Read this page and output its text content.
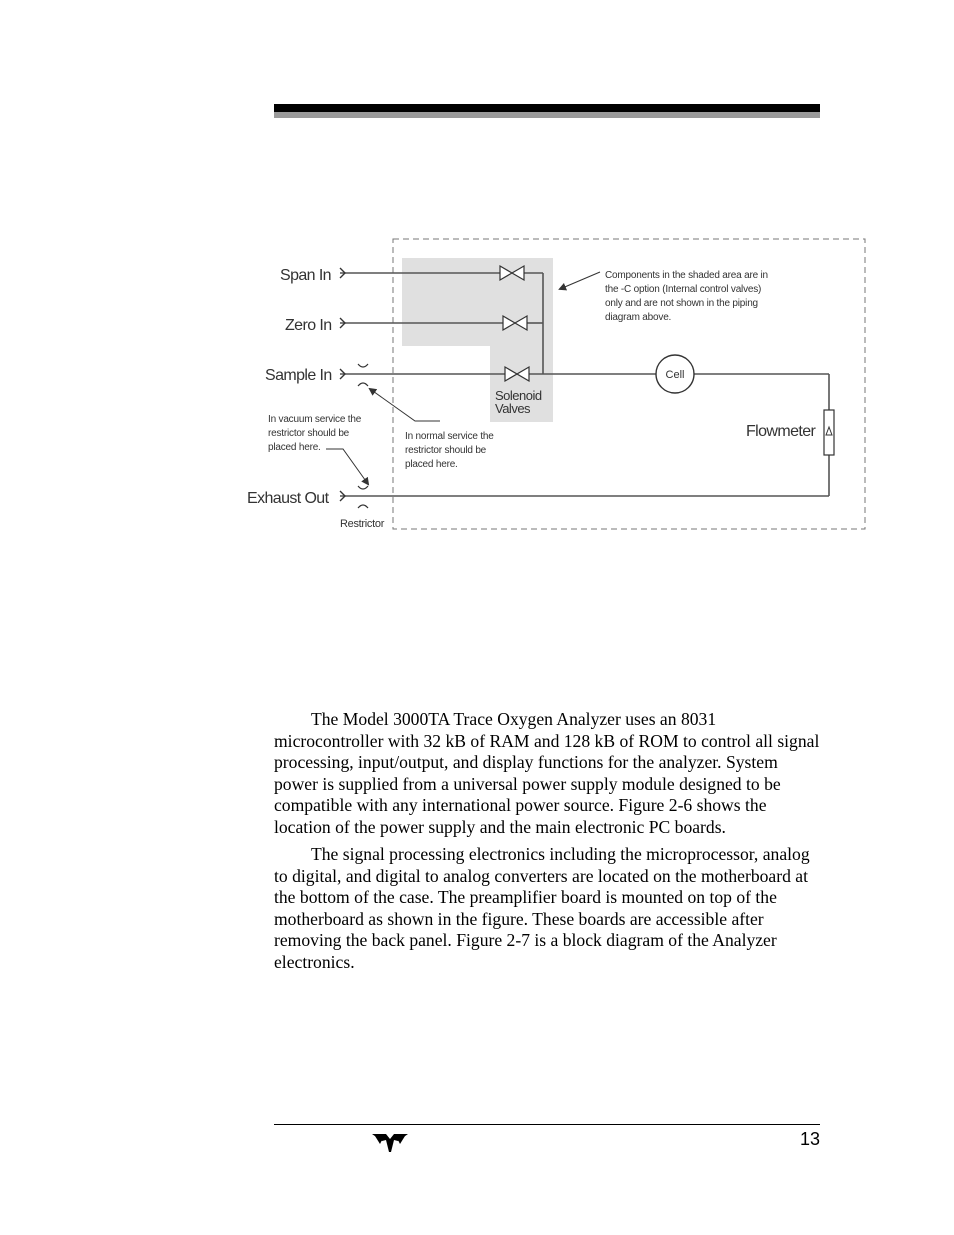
Cell
Flowmeter
Span In
Zero In
Sample In
Exhaust Out
Solenoid
Valves
Restrictor
Components in the shaded area are in
the -C option (Internal control valves)
only and are not shown in the piping
diagram above.
In vacuum service the
restrictor should be
placed here.
In normal service the
restrictor should be
placed here.

The Model 3000TA Trace Oxygen Analyzer uses an 8031 microcontroller with 32 kB of RAM and 128 kB of ROM to control all signal processing, input/output, and display functions for the analyzer. System power is supplied from a universal power supply module designed to be compatible with any international power source. Figure 2-6 shows the location of the power supply and the main electronic PC boards.

The signal processing electronics including the microprocessor, analog to digital, and digital to analog converters are located on the motherboard at the bottom of the case. The preamplifier board is mounted on top of the motherboard as shown in the figure. These boards are accessible after removing the back panel. Figure 2-7 is a block diagram of the Analyzer electronics.

13
